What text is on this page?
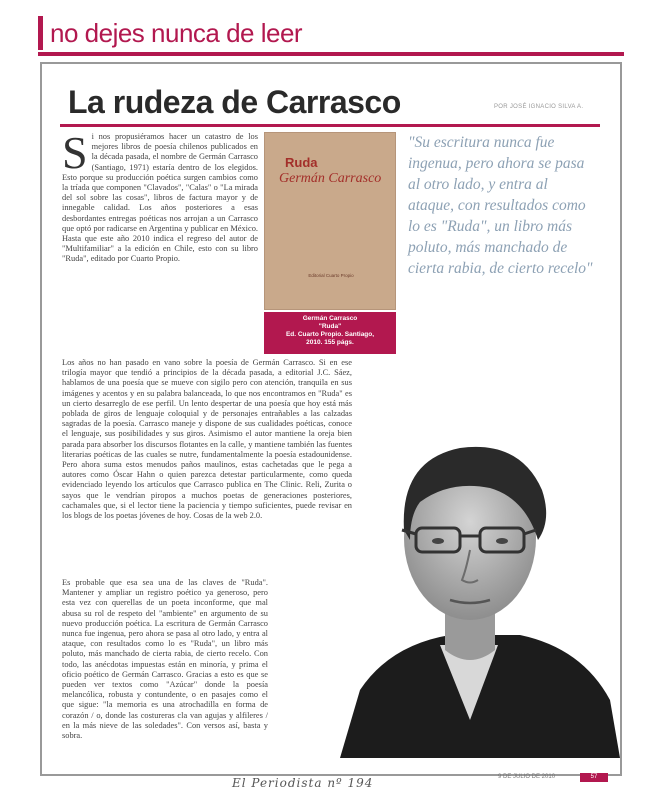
no dejes nunca de leer
La rudeza de Carrasco	POR JOSÉ IGNACIO SILVA A.
S i nos propusiéramos hacer un catastro de los mejores libros de poesía chilenos publicados en la década pasada, el nombre de Germán Carrasco (Santiago, 1971) estaría dentro de los elegidos. Esto porque su producción poética surgen cambios como la tríada que componen "Clavados", "Calas" o "La mirada del sol sobre las cosas", libros de factura mayor y de innegable calidad. Los años posteriores a esas desbordantes entregas poéticas nos arrojan a un Carrasco que optó por radicarse en Argentina y publicar en México. Hasta que este año 2010 indica el regreso del autor de "Multifamiliar" a la edición en Chile, esto con su libro "Ruda", editado por Cuarto Propio.

Los años no han pasado en vano sobre la poesía de Germán Carrasco. Si en ese trilogía mayor que tendió a principios de la década pasada, a editorial J.C. Sáez, hablamos de una poesía que se mueve con sigilo pero con atención, tranquila en sus imágenes y acentos y en su palabra balanceada, lo que nos encontramos en "Ruda" es un cierto desarreglo de ese perfil. Un lento despertar de una poesía que hoy está más poblada de giros de lenguaje coloquial y de personajes entrañables a las calzadas sagradas de la poesía. Carrasco maneje y dispone de sus cualidades poéticas, conoce el lenguaje, sus posibilidades y sus giros. Asimismo el autor mantiene la oreja bien parada para absorber los discursos flotantes en la calle, y mantiene también las fuentes literarias poéticas de las cuales se nutre, fundamentalmente la poesía estadounidense. Pero ahora suma estos menudos paños maulinos, estas cachetadas que le pega a autores como Óscar Hahn o quien parezca detestar particularmente, como queda evidenciado leyendo los artículos que Carrasco publica en The Clinic. Reli, Zurita o sayos que le vendrían piropos a muchos poetas de generaciones posteriores, cachamales que, si el lector tiene la paciencia y tiempo suficientes, puede revisar en los blogs de los poetas jóvenes de hoy. Cosas de la web 2.0.

Es probable que esa sea una de las claves de "Ruda". Mantener y ampliar un registro poético ya generoso, pero esta vez con querellas de un poeta inconforme, que mal abusa su rol de respeto del "ambiente" en argumento de su nuevo producción poética. La escritura de Germán Carrasco nunca fue ingenua, pero ahora se pasa al otro lado, y entra al ataque, con resultados como lo es "Ruda", un libro más poluto, más manchado de cierta rabia, de cierto recelo. Con todo, las anécdotas impuestas están en minoría, y prima el oficio poético de Germán Carrasco. Gracias a esto es que se pueden ver textos como "Azúcar" donde la poesía melancólica, robusta y contundente, o en pasajes como el que sigue: "la memoria es una atrochadilla en forma de corazón / o, donde las costureras cla van agujas y alfileres / en la más nieve de las soledades". Con versos así, basta y sobra.

Ruda
Germán Carrasco
Editorial Cuarto Propio
Germán Carrasco
"Ruda"
Ed. Cuarto Propio. Santiago,
2010. 155 págs.
"Su escritura nunca fue ingenua, pero ahora se pasa al otro lado, y entra al ataque, con resultados como lo es "Ruda", un libro más poluto, más manchado de cierta rabia, de cierto recelo"
El Periodista nº 194	9 DE JULIO DE 2010	57
